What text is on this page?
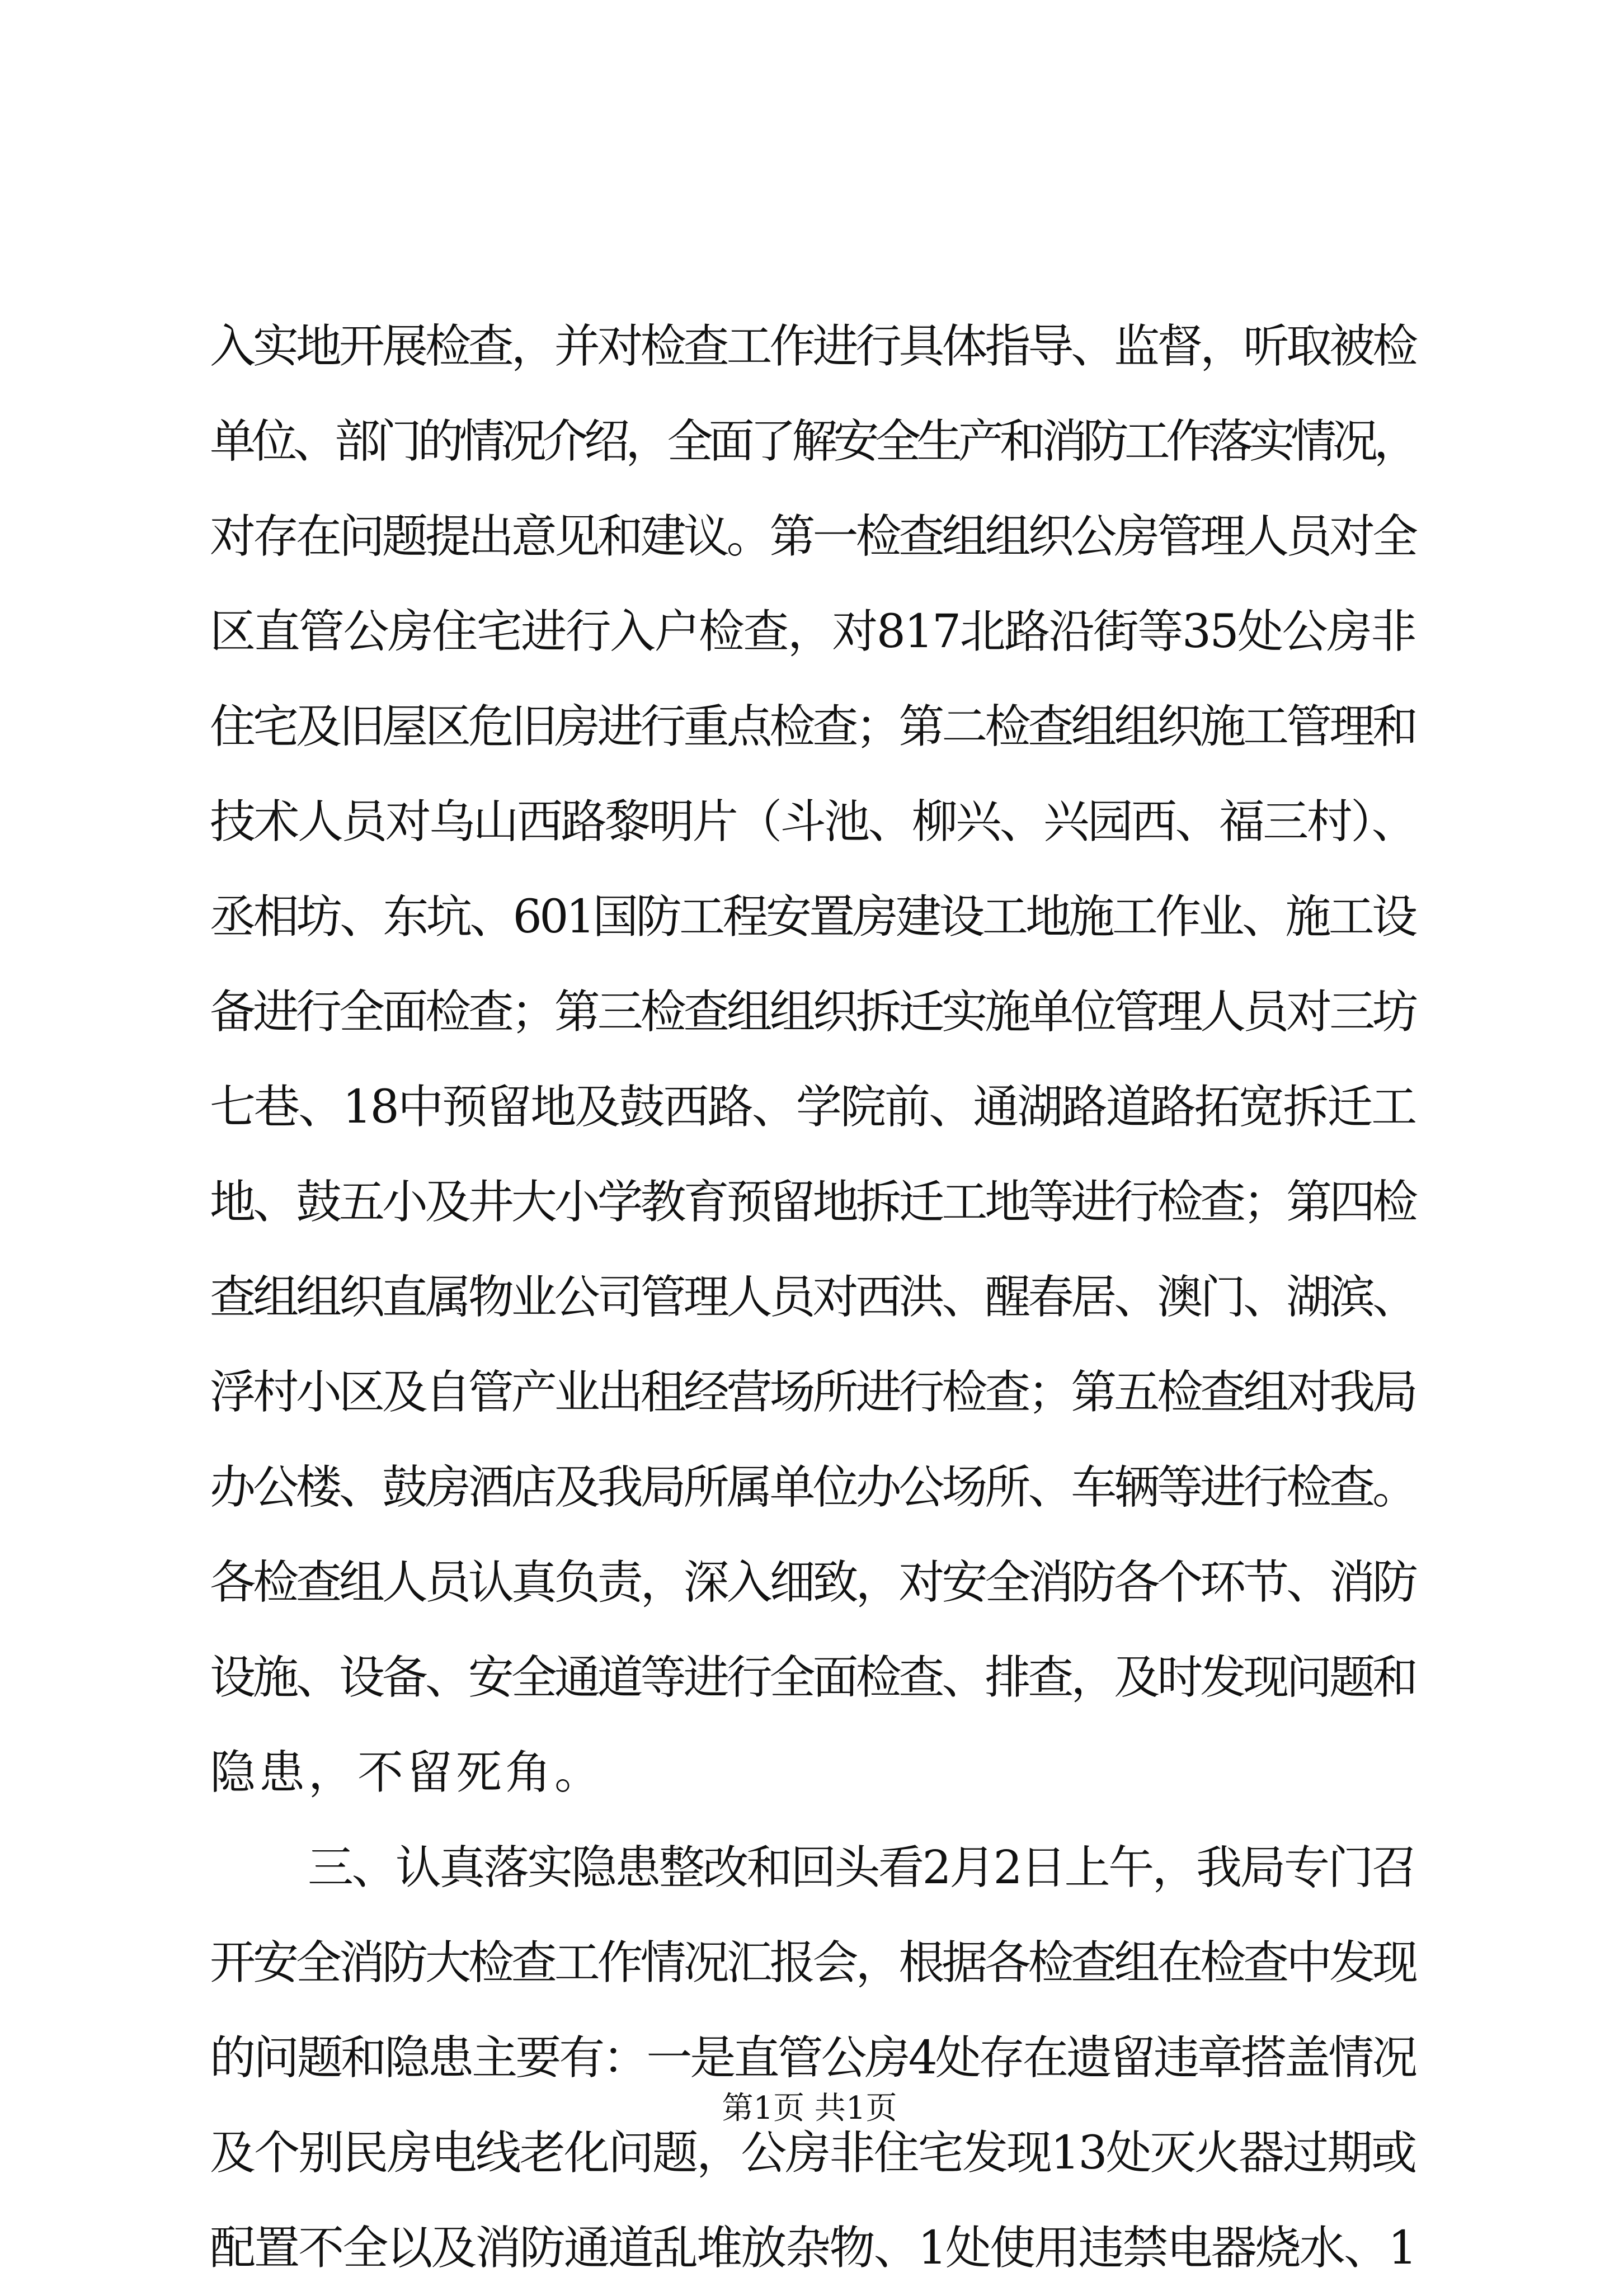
入实地开展检查，并对检查工作进行具体指导、监督，听取被检
单位、部门的情况介绍，全面了解安全生产和消防工作落实情况，
对存在问题提出意见和建议。第一检查组组织公房管理人员对全
区直管公房住宅进行入户检查，对817北路沿街等35处公房非
住宅及旧屋区危旧房进行重点检查；第二检查组组织施工管理和
技术人员对乌山西路黎明片（斗池、柳兴、兴园西、福三村）、
丞相坊、东坑、601国防工程安置房建设工地施工作业、施工设
备进行全面检查；第三检查组组织拆迁实施单位管理人员对三坊
七巷、18中预留地及鼓西路、学院前、通湖路道路拓宽拆迁工
地、鼓五小及井大小学教育预留地拆迁工地等进行检查；第四检
查组组织直属物业公司管理人员对西洪、醒春居、澳门、湖滨、
浮村小区及自管产业出租经营场所进行检查；第五检查组对我局
办公楼、鼓房酒店及我局所属单位办公场所、车辆等进行检查。
各检查组人员认真负责，深入细致，对安全消防各个环节、消防
设施、设备、安全通道等进行全面检查、排查，及时发现问题和
隐患，不留死角。
三、认真落实隐患整改和回头看2月2日上午，我局专门召
开安全消防大检查工作情况汇报会，根据各检查组在检查中发现
的问题和隐患主要有：一是直管公房4处存在遗留违章搭盖情况
及个别民房电线老化问题，公房非住宅发现13处灭火器过期或
配置不全以及消防通道乱堆放杂物、1处使用违禁电器烧水、1
第1页 共1页
